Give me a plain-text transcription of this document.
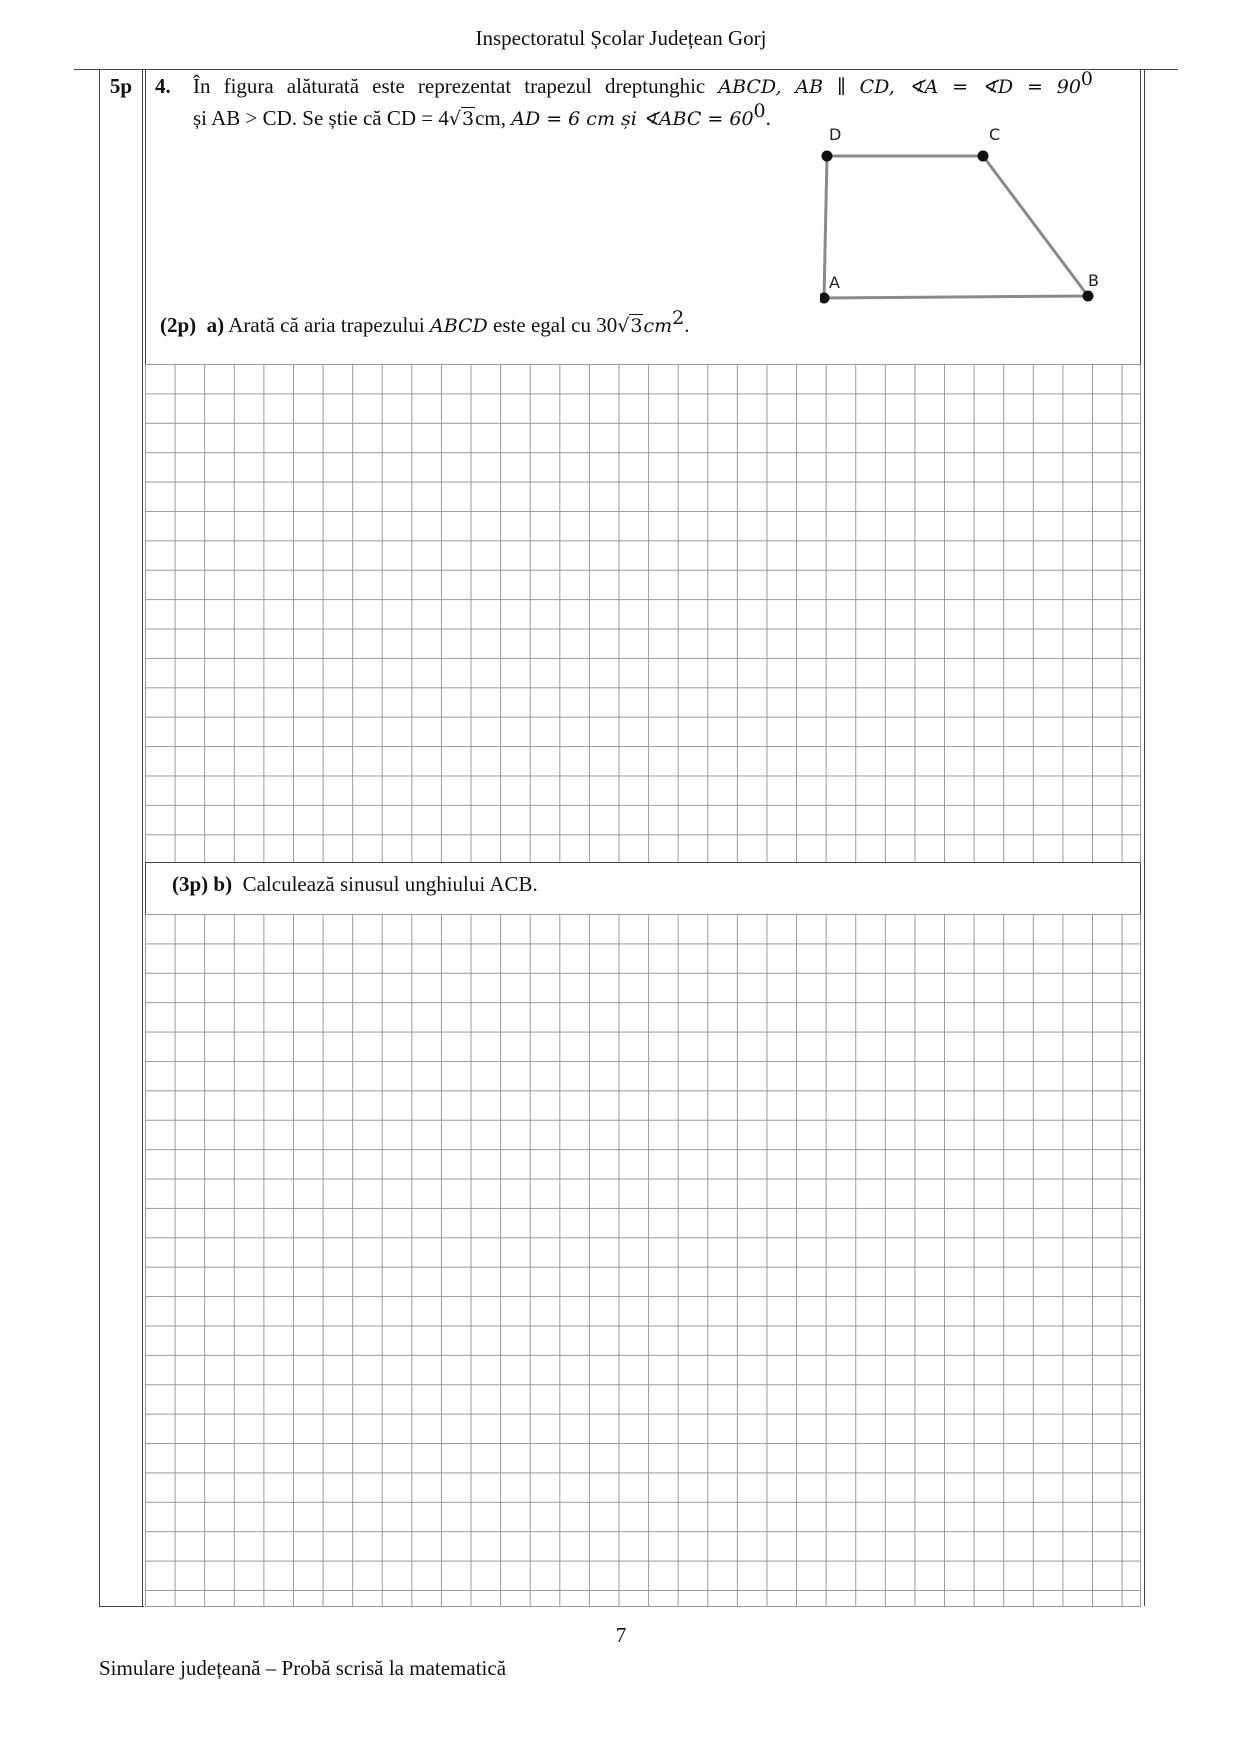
Inspectoratul Școlar Județean Gorj
5p	4. În figura alăturată este reprezentat trapezul dreptunghic ABCD, AB ∥ CD, ∢A = ∢D = $90^0$
și AB > CD. Se știe că CD = 4√3cm, AD = 6 cm și ∢ABC = $60^0$.
D	C
B
A
(2p) a) Arată că aria trapezului ABCD este egal cu $30√3cm^2$.
(3p) b) Calculează sinusul unghiului ACB.
7
Simulare județeană – Probă scrisă la matematică
